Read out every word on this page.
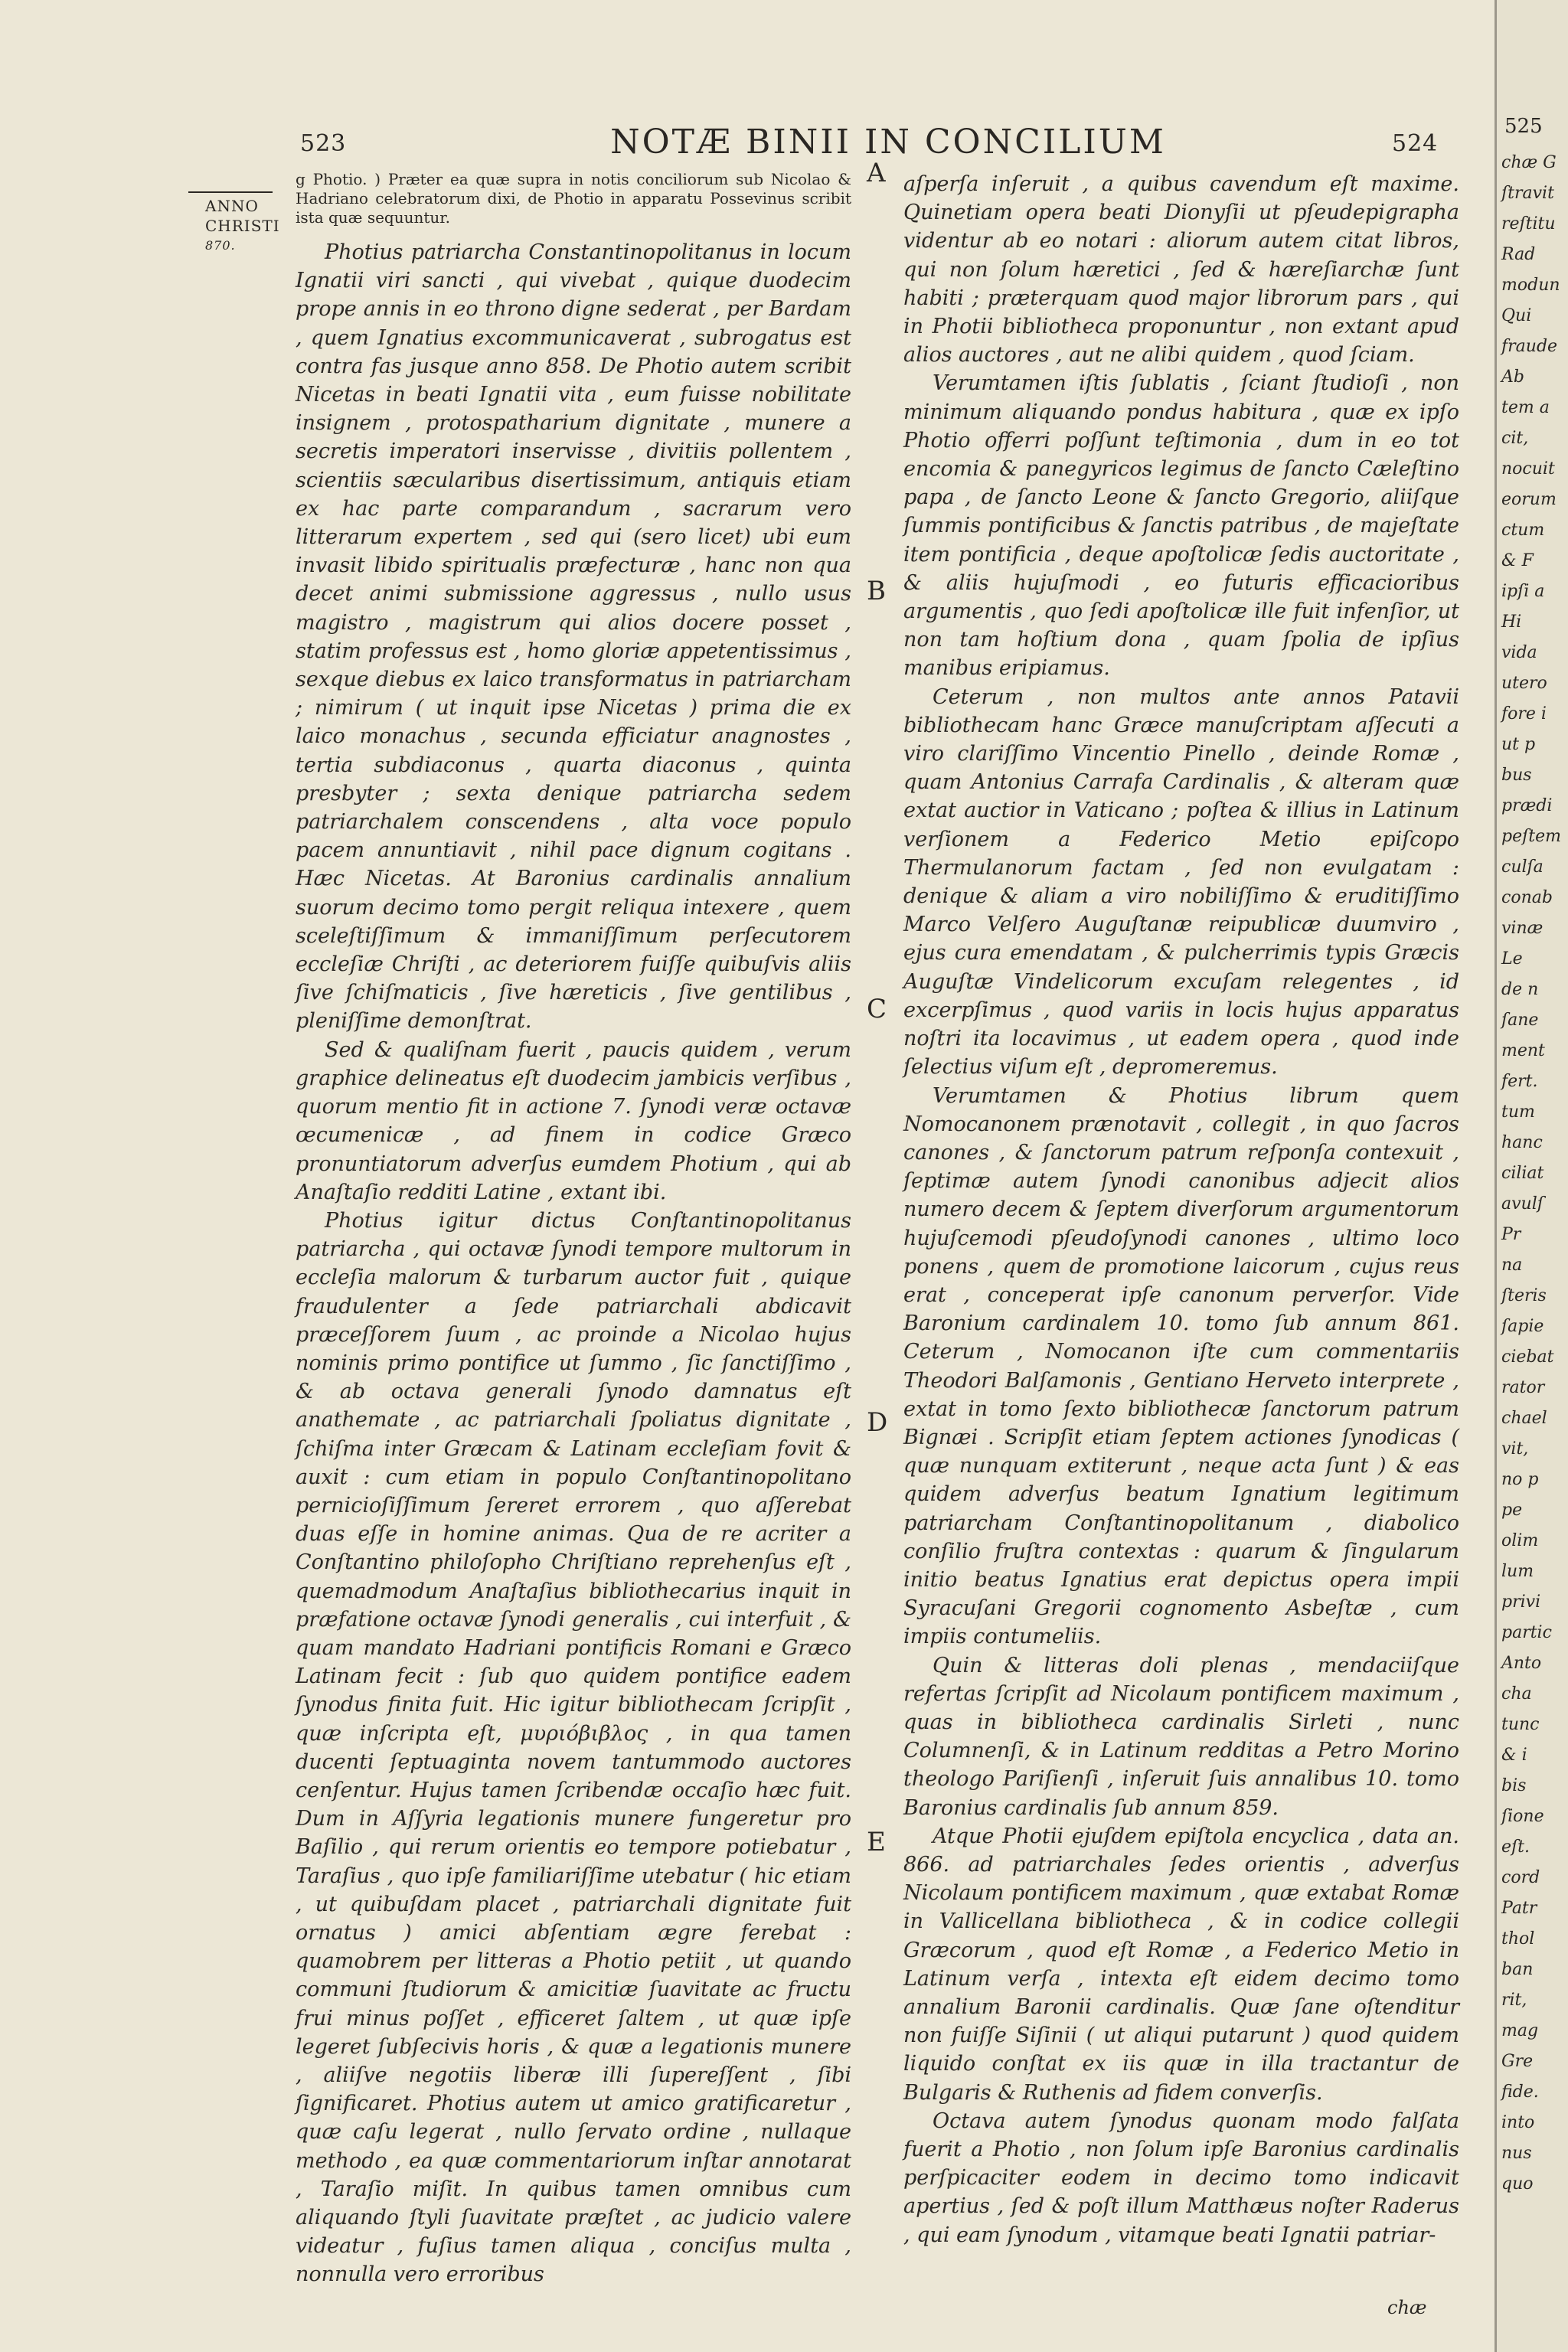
523	NOTÆ BINII IN CONCILIUM	524
ANNO
CHRISTI
870.
A
B
C
D
E

g Photio. ) Præter ea quæ supra in notis conciliorum sub Nicolao & Hadriano celebratorum dixi, de Photio in apparatu Possevinus scribit ista quæ sequuntur.

Photius patriarcha Constantinopolitanus in locum Ignatii viri sancti , qui vivebat , quique duodecim prope annis in eo throno digne sederat , per Bardam , quem Ignatius excommunicaverat , subrogatus est contra fas jusque anno 858. De Photio autem scribit Nicetas in beati Ignatii vita , eum fuisse nobilitate insignem , protospatharium dignitate , munere a secretis imperatori inservisse , divitiis pollentem , scientiis sæcularibus disertissimum, antiquis etiam ex hac parte comparandum , sacrarum vero litterarum expertem , sed qui (sero licet) ubi eum invasit libido spiritualis præfecturæ , hanc non qua decet animi submissione aggressus , nullo usus magistro , magistrum qui alios docere posset , statim professus est , homo gloriæ appetentissimus , sexque diebus ex laico transformatus in patriarcham ; nimirum ( ut inquit ipse Nicetas ) prima die ex laico monachus , secunda efficiatur anagnostes , tertia subdiaconus , quarta diaconus , quinta presbyter ; sexta denique patriarcha sedem patriarchalem conscendens , alta voce populo pacem annuntiavit , nihil pace dignum cogitans . Hæc Nicetas. At Baronius cardinalis annalium suorum decimo tomo pergit reliqua intexere , quem sceleſtiſſimum & immaniſſimum perſecutorem eccleſiæ Chriſti , ac deteriorem fuiſſe quibuſvis aliis ſive ſchiſmaticis , ſive hæreticis , ſive gentilibus , pleniſſime demonſtrat.

Sed & qualiſnam fuerit , paucis quidem , verum graphice delineatus eſt duodecim jambicis verſibus , quorum mentio fit in actione 7. ſynodi veræ octavæ œcumenicæ , ad finem in codice Græco pronuntiatorum adverſus eumdem Photium , qui ab Anaſtaſio redditi Latine , extant ibi.

Photius igitur dictus Conſtantinopolitanus patriarcha , qui octavæ ſynodi tempore multorum in eccleſia malorum & turbarum auctor fuit , quique fraudulenter a ſede patriarchali abdicavit præceſſorem ſuum , ac proinde a Nicolao hujus nominis primo pontifice ut ſummo , ſic ſanctiſſimo , & ab octava generali ſynodo damnatus eſt anathemate , ac patriarchali ſpoliatus dignitate , ſchiſma inter Græcam & Latinam eccleſiam fovit & auxit : cum etiam in populo Conſtantinopolitano pernicioſiſſimum ſereret errorem , quo aſſerebat duas eſſe in homine animas. Qua de re acriter a Conſtantino philoſopho Chriſtiano reprehenſus eſt , quemadmodum Anaſtaſius bibliothecarius inquit in præfatione octavæ ſynodi generalis , cui interfuit , & quam mandato Hadriani pontificis Romani e Græco Latinam fecit : ſub quo quidem pontifice eadem ſynodus finita fuit. Hic igitur bibliothecam ſcripſit , quæ inſcripta eſt, μυριόβιβλος , in qua tamen ducenti ſeptuaginta novem tantummodo auctores cenſentur. Hujus tamen ſcribendæ occaſio hæc fuit. Dum in Aſſyria legationis munere fungeretur pro Baſilio , qui rerum orientis eo tempore potiebatur , Taraſius , quo ipſe familiariſſime utebatur ( hic etiam , ut quibuſdam placet , patriarchali dignitate fuit ornatus ) amici abſentiam ægre ferebat : quamobrem per litteras a Photio petiit , ut quando communi ſtudiorum & amicitiæ ſuavitate ac fructu frui minus poſſet , efficeret ſaltem , ut quæ ipſe legeret ſubſecivis horis , & quæ a legationis munere , aliiſve negotiis liberæ illi ſupereſſent , ſibi ſignificaret. Photius autem ut amico gratificaretur , quæ caſu legerat , nullo ſervato ordine , nullaque methodo , ea quæ commentariorum inſtar annotarat , Taraſio miſit. In quibus tamen omnibus cum aliquando ſtyli ſuavitate præſtet , ac judicio valere videatur , fuſius tamen aliqua , conciſus multa , nonnulla vero erroribus

aſperſa inſeruit , a quibus cavendum eſt maxime. Quinetiam opera beati Dionyſii ut pſeudepigrapha videntur ab eo notari : aliorum autem citat libros, qui non ſolum hæretici , ſed & hæreſiarchæ ſunt habiti ; præterquam quod major librorum pars , qui in Photii bibliotheca proponuntur , non extant apud alios auctores , aut ne alibi quidem , quod ſciam.

Verumtamen iſtis ſublatis , ſciant ſtudioſi , non minimum aliquando pondus habitura , quæ ex ipſo Photio offerri poſſunt teſtimonia , dum in eo tot encomia & panegyricos legimus de ſancto Cæleſtino papa , de ſancto Leone & ſancto Gregorio, aliiſque ſummis pontificibus & ſanctis patribus , de majeſtate item pontificia , deque apoſtolicæ ſedis auctoritate , & aliis hujuſmodi , eo futuris efficacioribus argumentis , quo ſedi apoſtolicæ ille fuit infenſior, ut non tam hoſtium dona , quam ſpolia de ipſius manibus eripiamus.

Ceterum , non multos ante annos Patavii bibliothecam hanc Græce manuſcriptam aſſecuti a viro clariſſimo Vincentio Pinello , deinde Romæ , quam Antonius Carrafa Cardinalis , & alteram quæ extat auctior in Vaticano ; poſtea & illius in Latinum verſionem a Federico Metio epiſcopo Thermulanorum factam , ſed non evulgatam : denique & aliam a viro nobiliſſimo & eruditiſſimo Marco Velſero Auguſtanæ reipublicæ duumviro , ejus cura emendatam , & pulcherrimis typis Græcis Auguſtæ Vindelicorum excuſam relegentes , id excerpſimus , quod variis in locis hujus apparatus noſtri ita locavimus , ut eadem opera , quod inde ſelectius viſum eſt , depromeremus.

Verumtamen & Photius librum quem Nomocanonem prænotavit , collegit , in quo ſacros canones , & ſanctorum patrum reſponſa contexuit , ſeptimæ autem ſynodi canonibus adjecit alios numero decem & ſeptem diverſorum argumentorum hujuſcemodi pſeudoſynodi canones , ultimo loco ponens , quem de promotione laicorum , cujus reus erat , conceperat ipſe canonum perverſor. Vide Baronium cardinalem 10. tomo ſub annum 861. Ceterum , Nomocanon iſte cum commentariis Theodori Balſamonis , Gentiano Herveto interprete , extat in tomo ſexto bibliothecæ ſanctorum patrum Bignæi . Scripſit etiam ſeptem actiones ſynodicas ( quæ nunquam extiterunt , neque acta ſunt ) & eas quidem adverſus beatum Ignatium legitimum patriarcham Conſtantinopolitanum , diabolico conſilio fruſtra contextas : quarum & ſingularum initio beatus Ignatius erat depictus opera impii Syracuſani Gregorii cognomento Asbeſtæ , cum impiis contumeliis.

Quin & litteras doli plenas , mendaciiſque refertas ſcripſit ad Nicolaum pontificem maximum , quas in bibliotheca cardinalis Sirleti , nunc Columnenſi, & in Latinum redditas a Petro Morino theologo Pariſienſi , inſeruit ſuis annalibus 10. tomo Baronius cardinalis ſub annum 859.

Atque Photii ejuſdem epiſtola encyclica , data an. 866. ad patriarchales ſedes orientis , adverſus Nicolaum pontificem maximum , quæ extabat Romæ in Vallicellana bibliotheca , & in codice collegii Græcorum , quod eſt Romæ , a Federico Metio in Latinum verſa , intexta eſt eidem decimo tomo annalium Baronii cardinalis. Quæ ſane oſtenditur non fuiſſe Siſinii ( ut aliqui putarunt ) quod quidem liquido conſtat ex iis quæ in illa tractantur de Bulgaris & Ruthenis ad fidem converſis.

Octava autem ſynodus quonam modo falſata fuerit a Photio , non ſolum ipſe Baronius cardinalis perſpicaciter eodem in decimo tomo indicavit apertius , ſed & poſt illum Matthæus noſter Raderus , qui eam ſynodum , vitamque beati Ignatii patriar-

chæ
525
chæ G
ſtravit
reſtitu
Rad
modun
Qui
fraude
Ab
tem a
cit,
nocuit
eorum
ctum
& F
ipſi a
Hi
vida
utero
fore i
ut p
bus
prædi
peſtem
culſa
conab
vinæ
Le
de n
ſane
ment
fert.
tum
hanc
ciliat
avulſ
Pr
na
ſteris
ſapie
ciebat
rator
chael
vit,
no p
pe
olim
lum
privi
partic
Anto
cha
tunc
& i
bis
ſione
eſt.
cord
Patr
thol
ban
rit,
mag
Gre
fide.
into
nus
quo
